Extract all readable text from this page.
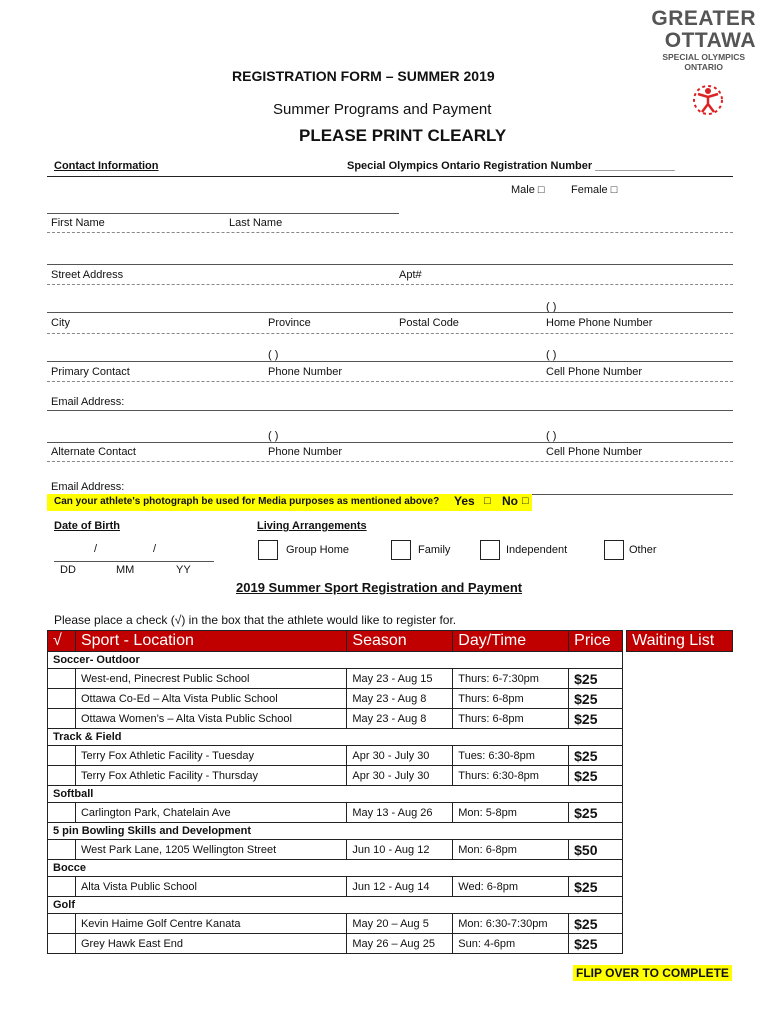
GREATER
OTTAWA
SPECIAL OLYMPICS
ONTARIO
REGISTRATION FORM – SUMMER 2019
Summer Programs and Payment
PLEASE PRINT CLEARLY
Contact Information	Special Olympics Ontario Registration Number _____________
Male □ Female □
First Name	Last Name
Street Address	Apt#
( )
City	Province	Postal Code	Home Phone Number
( )	( )
Primary Contact	Phone Number	Cell Phone Number
Email Address:
( )	( )
Alternate Contact	Phone Number	Cell Phone Number
Email Address:
Can your athlete's photograph be used for Media purposes as mentioned above? Yes □ No □
Date of Birth
/	/
DD	MM	YY
Living Arrangements
Group Home	Family	Independent	Other
2019 Summer Sport Registration and Payment
Please place a check (√) in the box that the athlete would like to register for.
√	Sport - Location	Season	Day/Time	Price		Waiting List
Soccer- Outdoor						
	West-end, Pinecrest Public School	May 23 - Aug 15	Thurs: 6-7:30pm	$25		
	Ottawa Co-Ed – Alta Vista Public School	May 23 - Aug 8	Thurs: 6-8pm	$25		
	Ottawa Women’s – Alta Vista Public School	May 23 - Aug 8	Thurs: 6-8pm	$25		
Track & Field						
	Terry Fox Athletic Facility - Tuesday	Apr 30 - July 30	Tues: 6:30-8pm	$25		
	Terry Fox Athletic Facility - Thursday	Apr 30 - July 30	Thurs: 6:30-8pm	$25		
Softball						
	Carlington Park, Chatelain Ave	May 13 - Aug 26	Mon: 5-8pm	$25		
5 pin Bowling Skills and Development						
	West Park Lane, 1205 Wellington Street	Jun 10 - Aug 12	Mon: 6-8pm	$50		
Bocce						
	Alta Vista Public School	Jun 12 - Aug 14	Wed: 6-8pm	$25		
Golf						
	Kevin Haime Golf Centre Kanata	May 20 – Aug 5	Mon: 6:30-7:30pm	$25		
	Grey Hawk East End	May 26 – Aug 25	Sun: 4-6pm	$25		
FLIP OVER TO COMPLETE
